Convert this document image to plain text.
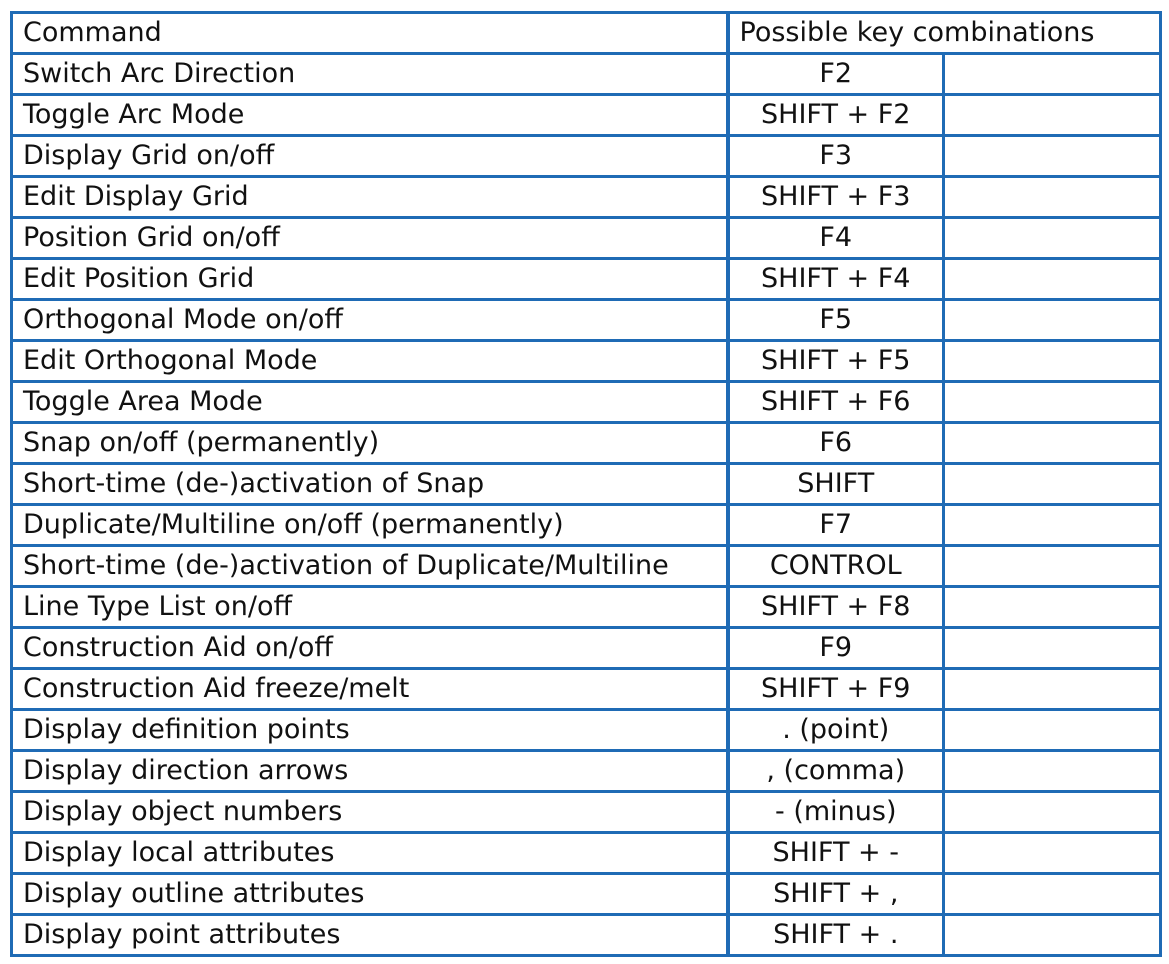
Command	Possible key combinations	
Switch Arc Direction	F2	
Toggle Arc Mode	SHIFT + F2	
Display Grid on/off	F3	
Edit Display Grid	SHIFT + F3	
Position Grid on/off	F4	
Edit Position Grid	SHIFT + F4	
Orthogonal Mode on/off	F5	
Edit Orthogonal Mode	SHIFT + F5	
Toggle Area Mode	SHIFT + F6	
Snap on/off (permanently)	F6	
Short-time (de-)activation of Snap	SHIFT	
Duplicate/Multiline on/off (permanently)	F7	
Short-time (de-)activation of Duplicate/Multiline	CONTROL	
Line Type List on/off	SHIFT + F8	
Construction Aid on/off	F9	
Construction Aid freeze/melt	SHIFT + F9	
Display definition points	. (point)	
Display direction arrows	, (comma)	
Display object numbers	- (minus)	
Display local attributes	SHIFT + -	
Display outline attributes	SHIFT + ,	
Display point attributes	SHIFT + .	
